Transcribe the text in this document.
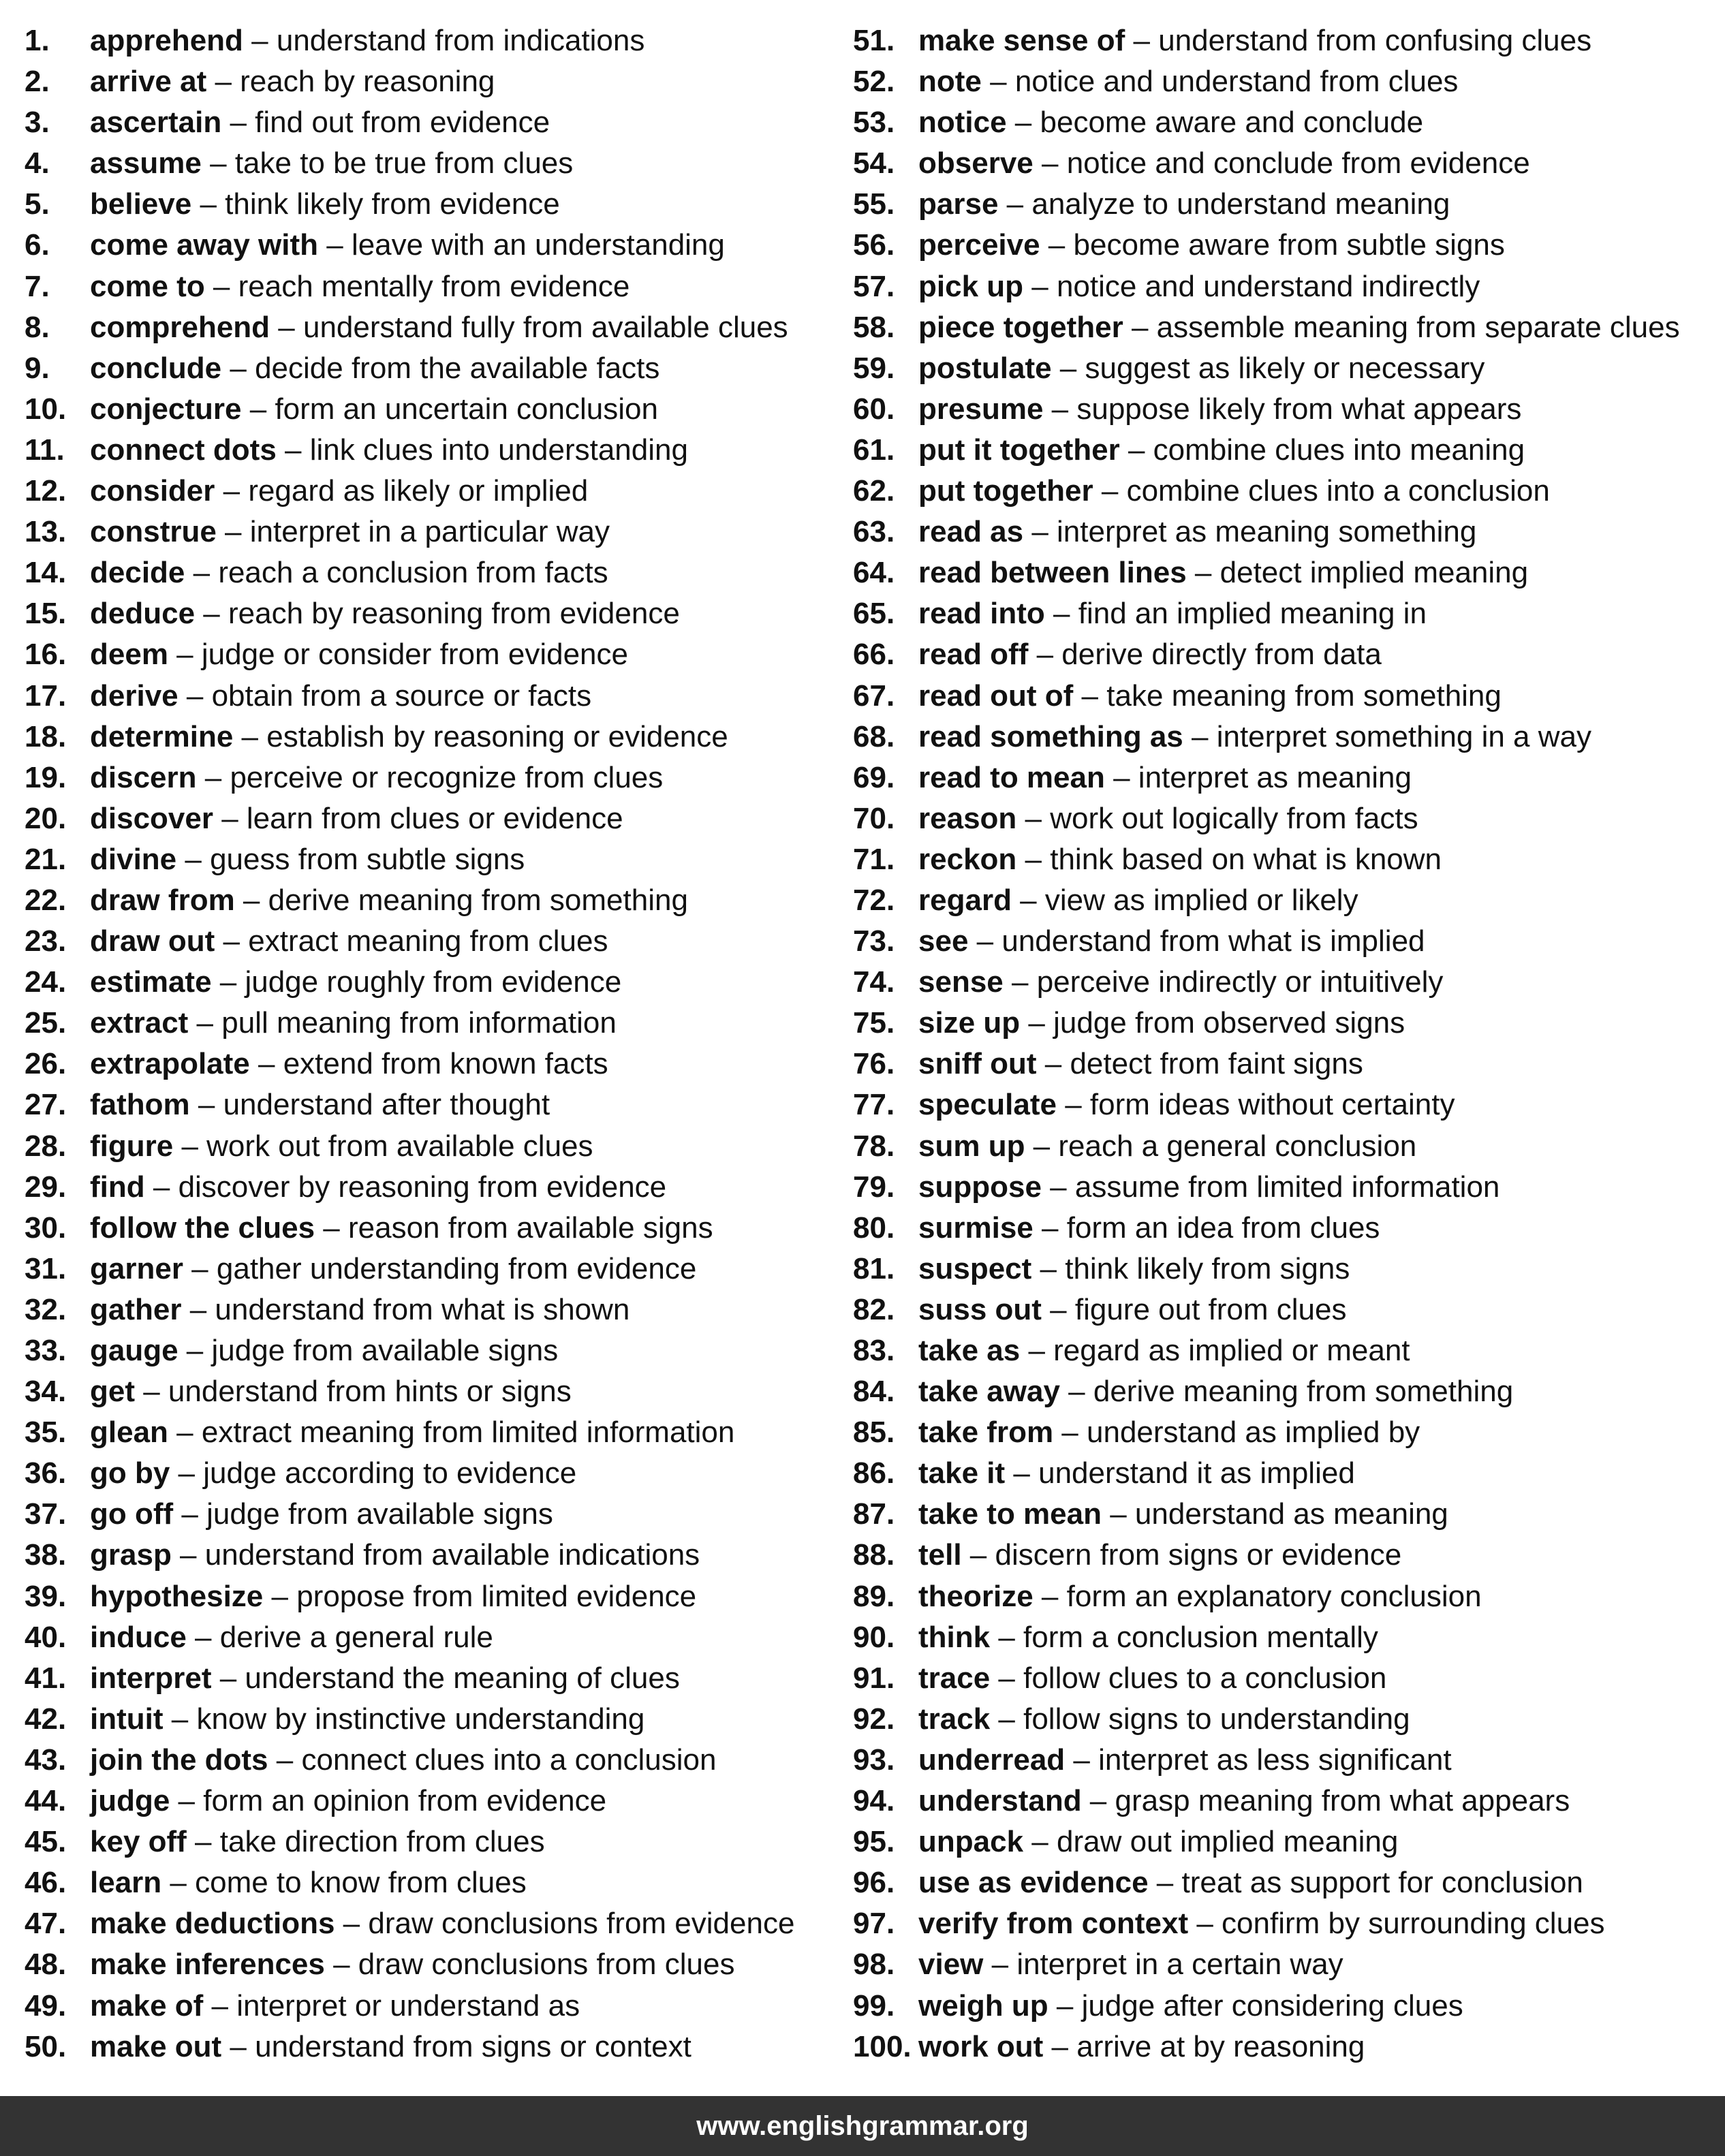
1. apprehend – understand from indications
2. arrive at – reach by reasoning
3. ascertain – find out from evidence
4. assume – take to be true from clues
5. believe – think likely from evidence
6. come away with – leave with an understanding
7. come to – reach mentally from evidence
8. comprehend – understand fully from available clues
9. conclude – decide from the available facts
10. conjecture – form an uncertain conclusion
11. connect dots – link clues into understanding
12. consider – regard as likely or implied
13. construe – interpret in a particular way
14. decide – reach a conclusion from facts
15. deduce – reach by reasoning from evidence
16. deem – judge or consider from evidence
17. derive – obtain from a source or facts
18. determine – establish by reasoning or evidence
19. discern – perceive or recognize from clues
20. discover – learn from clues or evidence
21. divine – guess from subtle signs
22. draw from – derive meaning from something
23. draw out – extract meaning from clues
24. estimate – judge roughly from evidence
25. extract – pull meaning from information
26. extrapolate – extend from known facts
27. fathom – understand after thought
28. figure – work out from available clues
29. find – discover by reasoning from evidence
30. follow the clues – reason from available signs
31. garner – gather understanding from evidence
32. gather – understand from what is shown
33. gauge – judge from available signs
34. get – understand from hints or signs
35. glean – extract meaning from limited information
36. go by – judge according to evidence
37. go off – judge from available signs
38. grasp – understand from available indications
39. hypothesize – propose from limited evidence
40. induce – derive a general rule
41. interpret – understand the meaning of clues
42. intuit – know by instinctive understanding
43. join the dots – connect clues into a conclusion
44. judge – form an opinion from evidence
45. key off – take direction from clues
46. learn – come to know from clues
47. make deductions – draw conclusions from evidence
48. make inferences – draw conclusions from clues
49. make of – interpret or understand as
50. make out – understand from signs or context
51. make sense of – understand from confusing clues
52. note – notice and understand from clues
53. notice – become aware and conclude
54. observe – notice and conclude from evidence
55. parse – analyze to understand meaning
56. perceive – become aware from subtle signs
57. pick up – notice and understand indirectly
58. piece together – assemble meaning from separate clues
59. postulate – suggest as likely or necessary
60. presume – suppose likely from what appears
61. put it together – combine clues into meaning
62. put together – combine clues into a conclusion
63. read as – interpret as meaning something
64. read between lines – detect implied meaning
65. read into – find an implied meaning in
66. read off – derive directly from data
67. read out of – take meaning from something
68. read something as – interpret something in a way
69. read to mean – interpret as meaning
70. reason – work out logically from facts
71. reckon – think based on what is known
72. regard – view as implied or likely
73. see – understand from what is implied
74. sense – perceive indirectly or intuitively
75. size up – judge from observed signs
76. sniff out – detect from faint signs
77. speculate – form ideas without certainty
78. sum up – reach a general conclusion
79. suppose – assume from limited information
80. surmise – form an idea from clues
81. suspect – think likely from signs
82. suss out – figure out from clues
83. take as – regard as implied or meant
84. take away – derive meaning from something
85. take from – understand as implied by
86. take it – understand it as implied
87. take to mean – understand as meaning
88. tell – discern from signs or evidence
89. theorize – form an explanatory conclusion
90. think – form a conclusion mentally
91. trace – follow clues to a conclusion
92. track – follow signs to understanding
93. underread – interpret as less significant
94. understand – grasp meaning from what appears
95. unpack – draw out implied meaning
96. use as evidence – treat as support for conclusion
97. verify from context – confirm by surrounding clues
98. view – interpret in a certain way
99. weigh up – judge after considering clues
100. work out – arrive at by reasoning
www.englishgrammar.org
